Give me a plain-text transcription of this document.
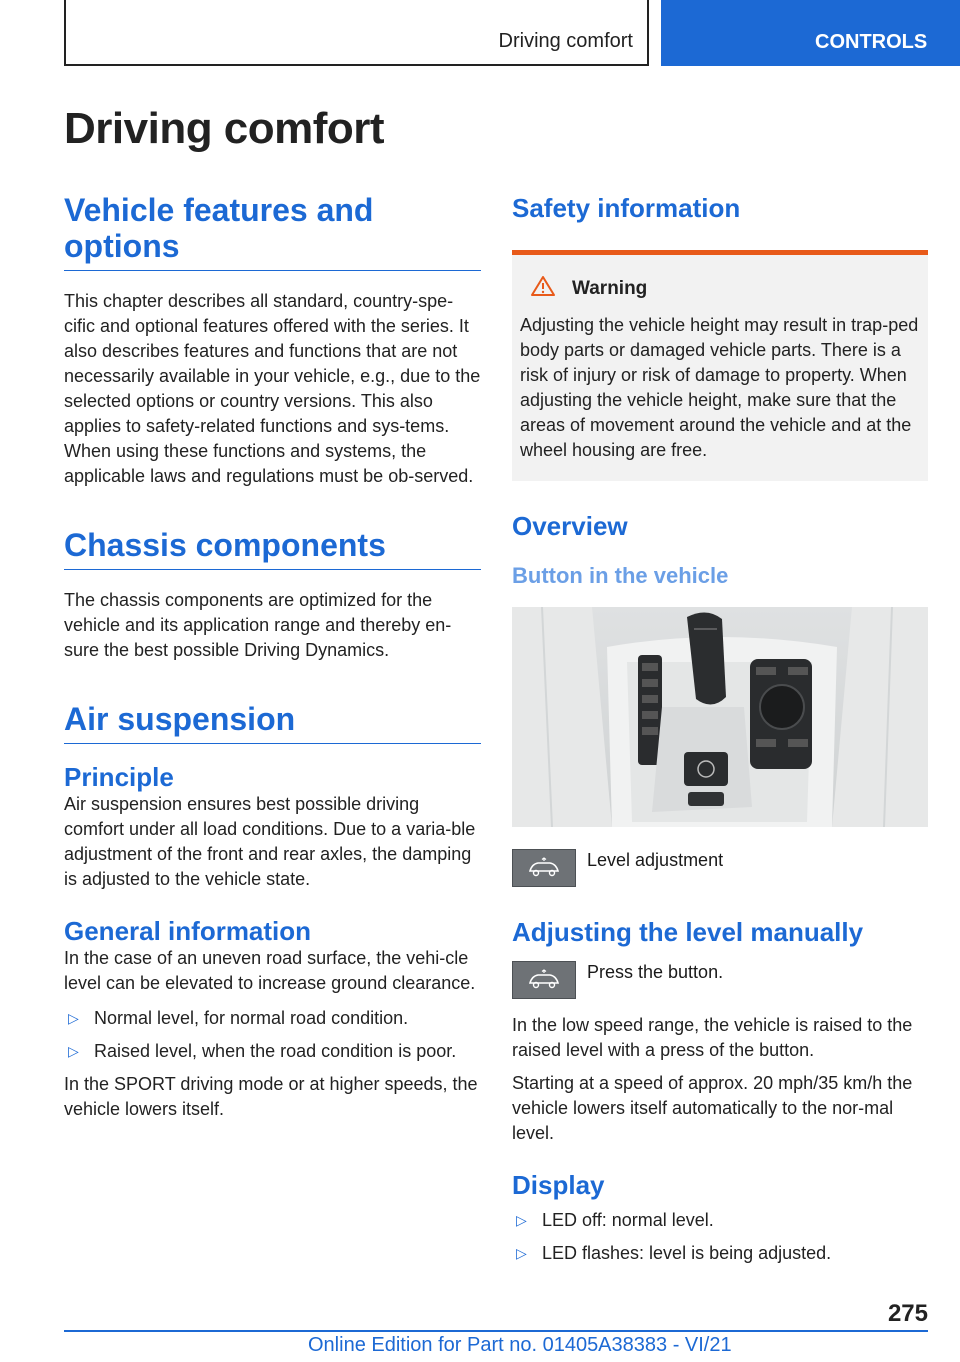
Driving comfort	CONTROLS
Driving comfort
Vehicle features and options

This chapter describes all standard, country-spe-cific and optional features offered with the series. It also describes features and functions that are not necessarily available in your vehicle, e.g., due to the selected options or country versions. This also applies to safety-related functions and sys-tems. When using these functions and systems, the applicable laws and regulations must be ob-served.

Chassis components

The chassis components are optimized for the vehicle and its application range and thereby en-sure the best possible Driving Dynamics.

Air suspension
Principle

Air suspension ensures best possible driving comfort under all load conditions. Due to a varia-ble adjustment of the front and rear axles, the damping is adjusted to the vehicle state.

General information

In the case of an uneven road surface, the vehi-cle level can be elevated to increase ground clearance.

▷ Normal level, for normal road condition.
▷ Raised level, when the road condition is poor.

In the SPORT driving mode or at higher speeds, the vehicle lowers itself.

Safety information
Warning

Adjusting the vehicle height may result in trap-ped body parts or damaged vehicle parts. There is a risk of injury or risk of damage to property. When adjusting the vehicle height, make sure that the areas of movement around the vehicle and at the wheel housing are free.

Overview
Button in the vehicle
Level adjustment
Adjusting the level manually
Press the button.

In the low speed range, the vehicle is raised to the raised level with a press of the button.

Starting at a speed of approx. 20 mph/35 km/h the vehicle lowers itself automatically to the nor-mal level.

Display
▷ LED off: normal level.
▷ LED flashes: level is being adjusted.
275
Online Edition for Part no. 01405A38383 - VI/21
